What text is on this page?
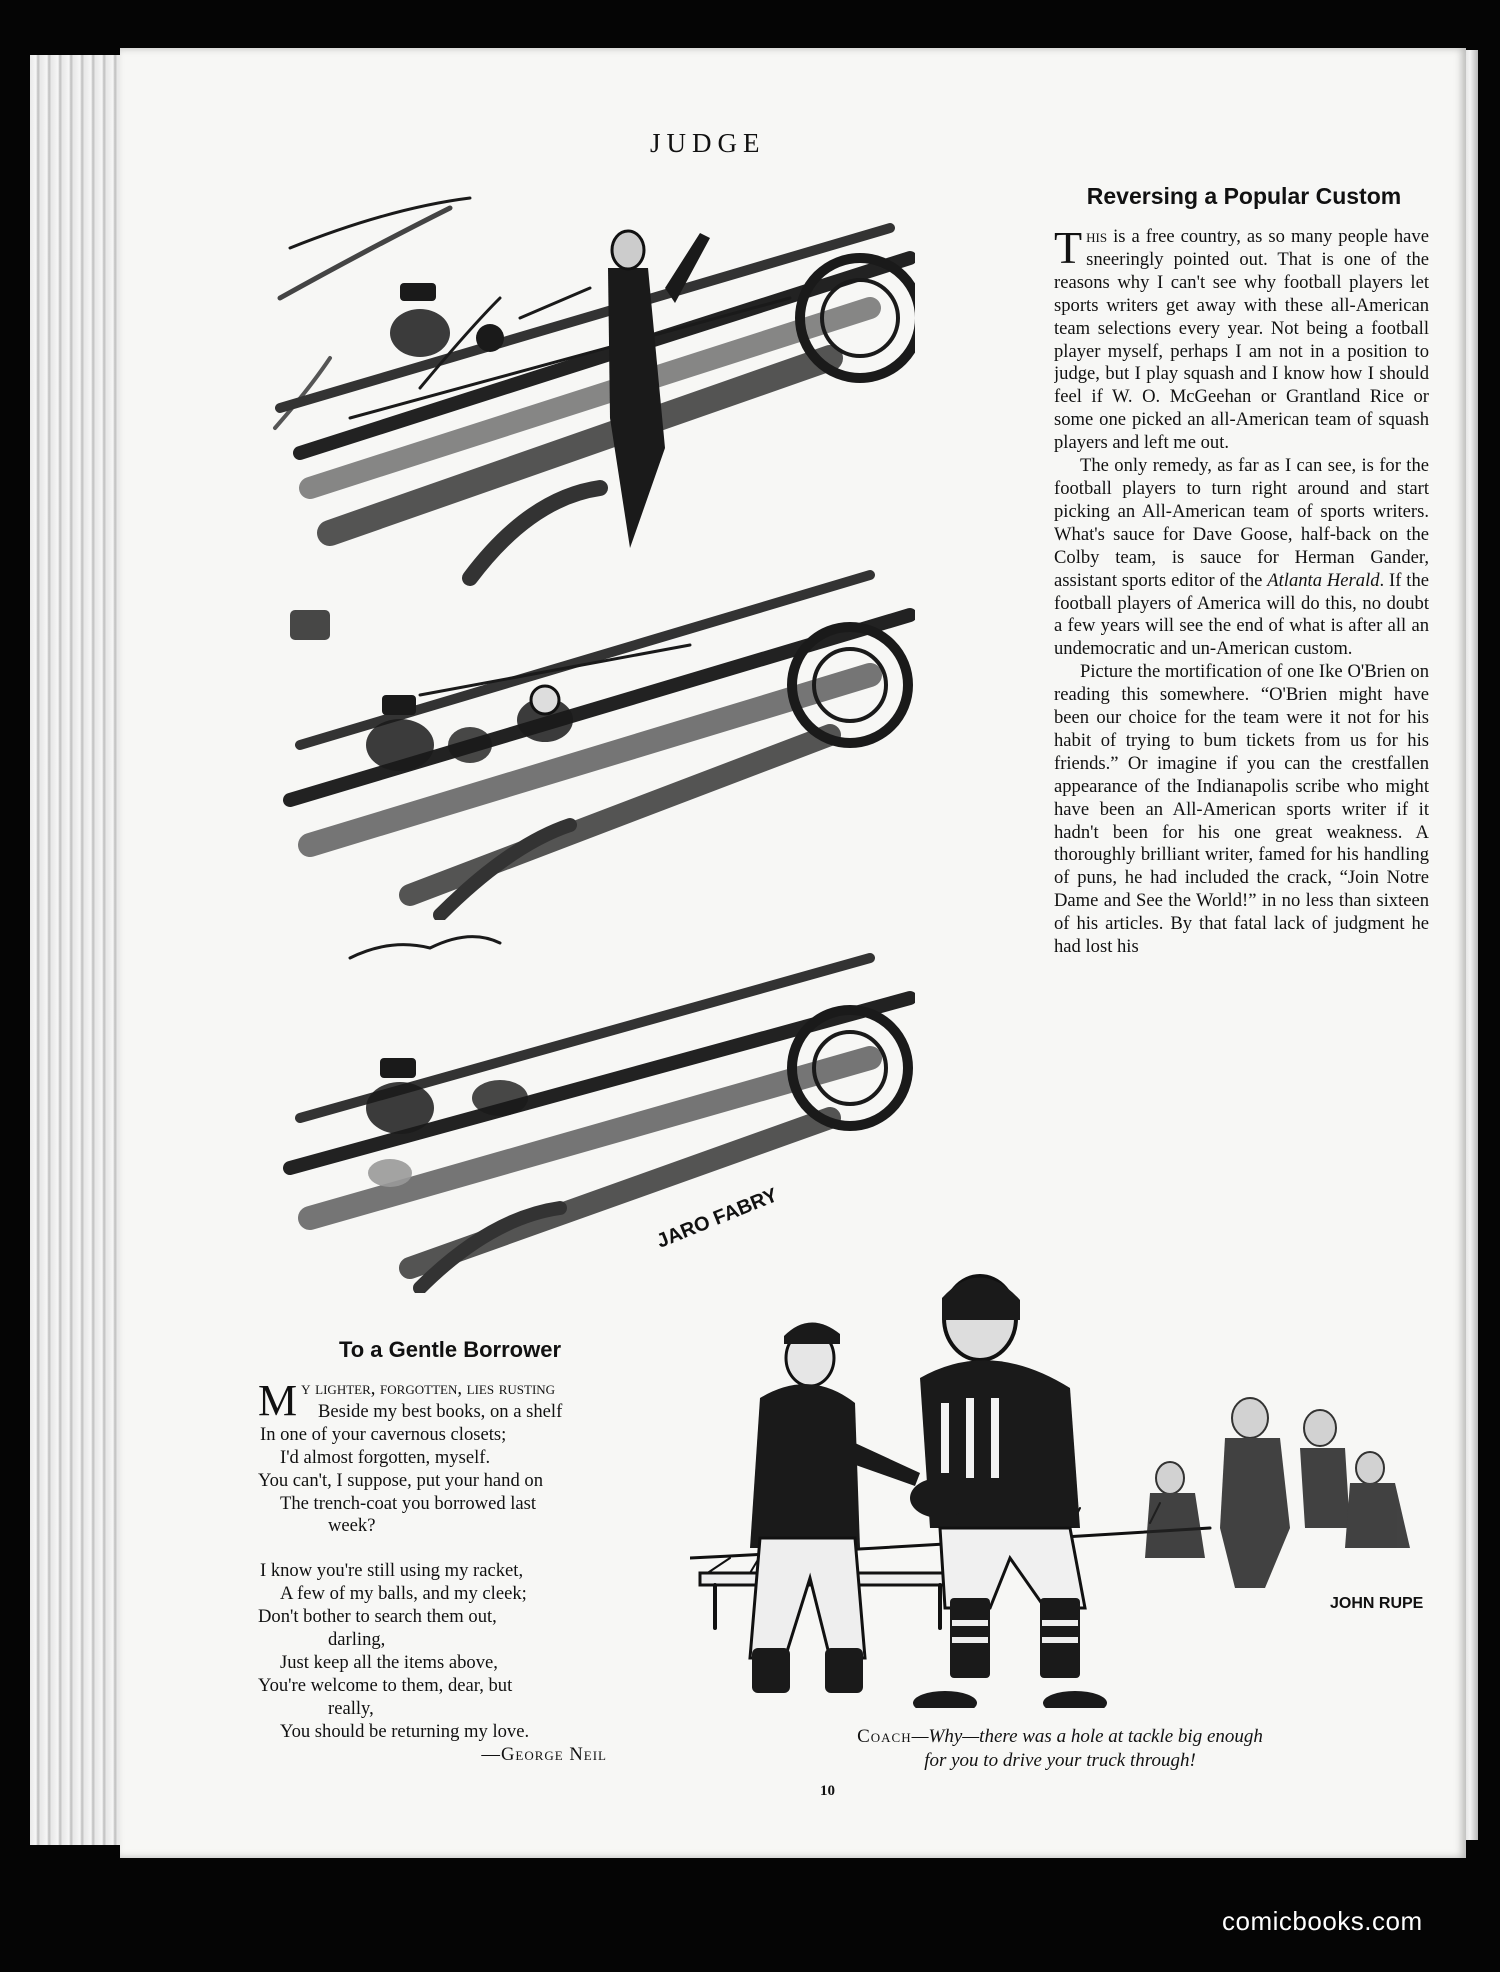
JUDGE
JARO FABRY
Reversing a Popular Custom

This is a free country, as so many people have sneeringly pointed out. That is one of the reasons why I can't see why football players let sports writers get away with these all-American team selections every year. Not being a football player myself, perhaps I am not in a position to judge, but I play squash and I know how I should feel if W. O. McGeehan or Grantland Rice or some one picked an all-American team of squash players and left me out.

The only remedy, as far as I can see, is for the football players to turn right around and start picking an All-American team of sports writers. What's sauce for Dave Goose, half-back on the Colby team, is sauce for Herman Gander, assistant sports editor of the Atlanta Herald. If the football players of America will do this, no doubt a few years will see the end of what is after all an undemocratic and un-American custom.

Picture the mortification of one Ike O'Brien on reading this somewhere. “O'Brien might have been our choice for the team were it not for his habit of trying to bum tickets from us for his friends.” Or imagine if you can the crestfallen appearance of the Indianapolis scribe who might have been an All-American sports writer if it hadn't been for his one great weakness. A thoroughly brilliant writer, famed for his handling of puns, he had included the crack, “Join Notre Dame and See the World!” in no less than sixteen of his articles. By that fatal lack of judgment he had lost his

To a Gentle Borrower
My lighter, forgotten, lies rusting
Beside my best books, on a shelf
In one of your cavernous closets;
I'd almost forgotten, myself.
You can't, I suppose, put your hand on
The trench-coat you borrowed last
week?
I know you're still using my racket,
A few of my balls, and my cleek;
Don't bother to search them out,
darling,
Just keep all the items above,
You're welcome to them, dear, but
really,
You should be returning my love.
—George Neil
JOHN RUPE
Coach—Why—there was a hole at tackle big enough
for you to drive your truck through!
10
comicbooks.com
